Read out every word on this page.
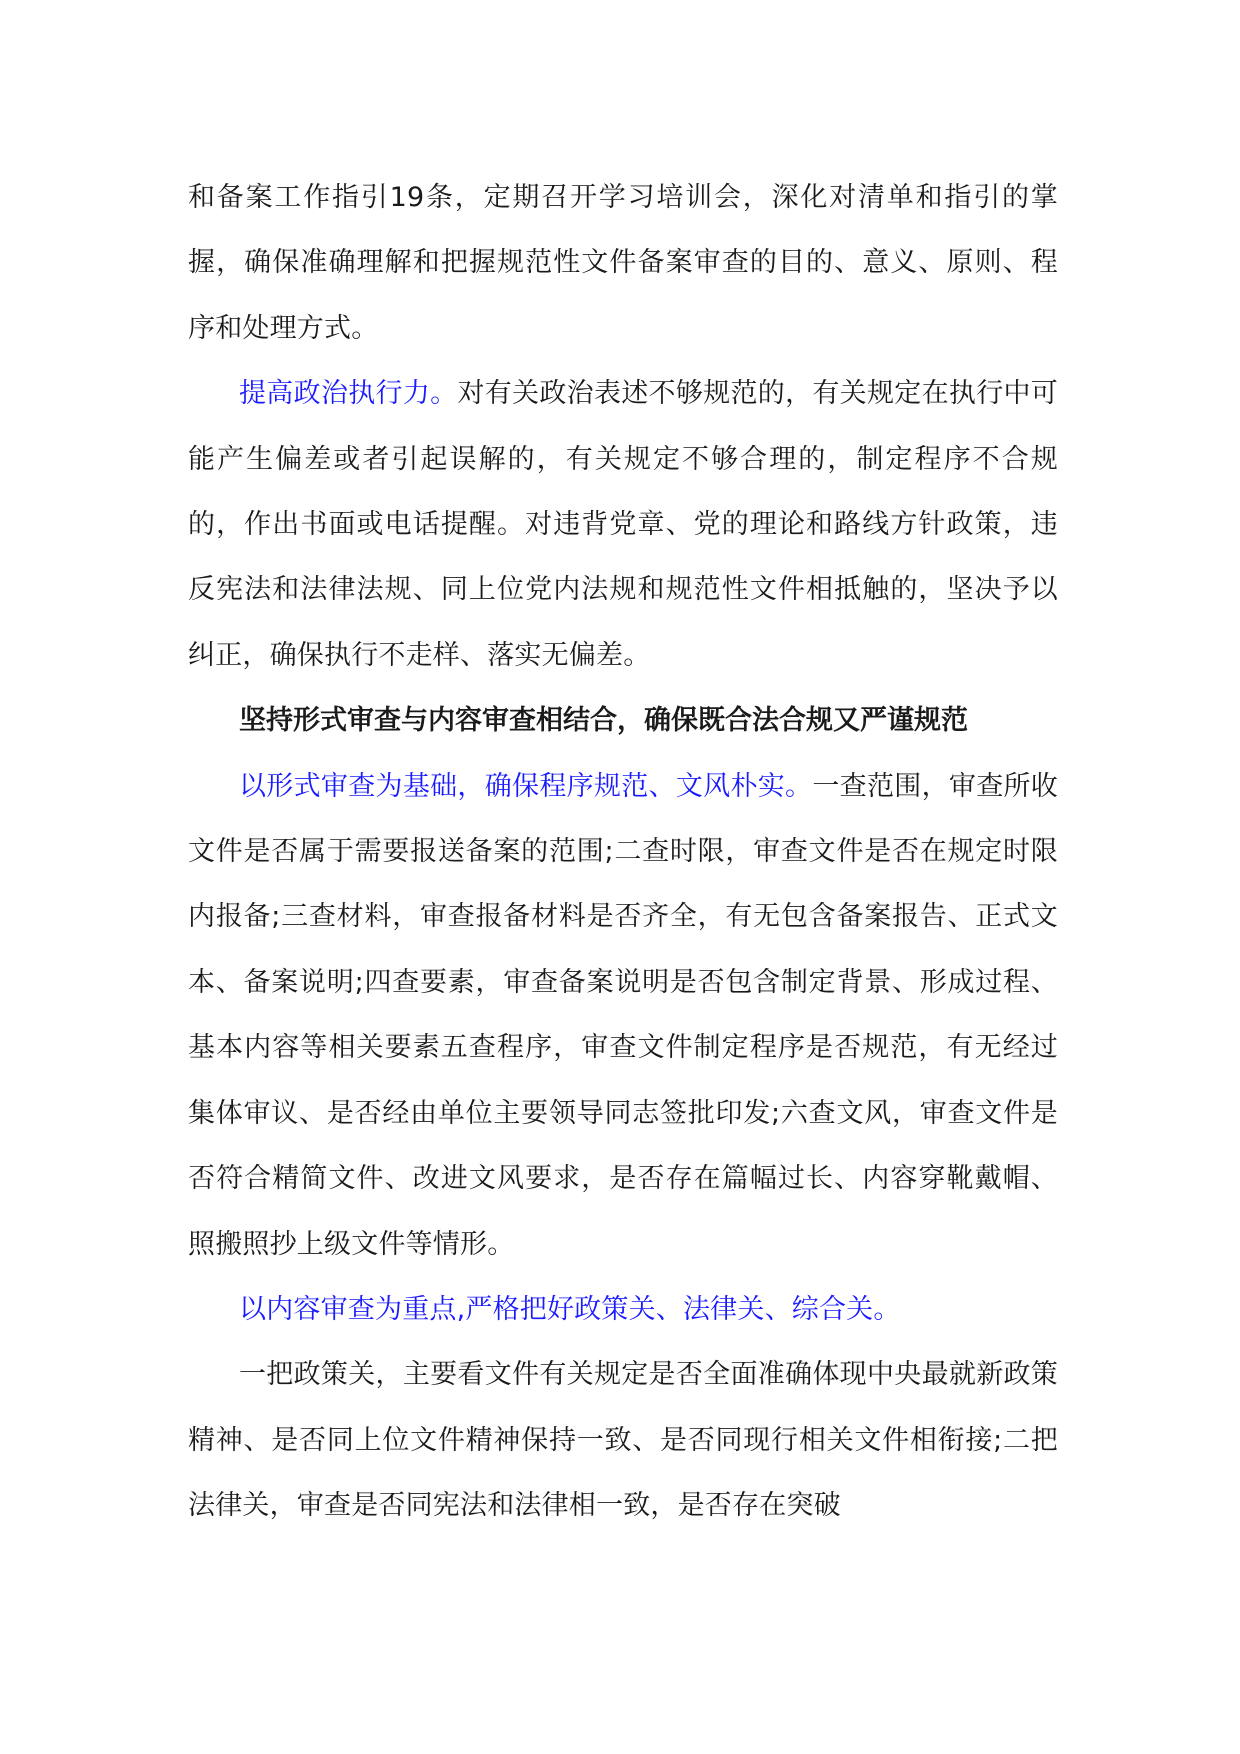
和备案工作指引19条，定期召开学习培训会，深化对清单和指引的掌握，确保准确理解和把握规范性文件备案审查的目的、意义、原则、程序和处理方式。

提高政治执行力。对有关政治表述不够规范的，有关规定在执行中可能产生偏差或者引起误解的，有关规定不够合理的，制定程序不合规的，作出书面或电话提醒。对违背党章、党的理论和路线方针政策，违反宪法和法律法规、同上位党内法规和规范性文件相抵触的，坚决予以纠正，确保执行不走样、落实无偏差。

坚持形式审查与内容审查相结合，确保既合法合规又严谨规范

以形式审查为基础，确保程序规范、文风朴实。一查范围，审查所收文件是否属于需要报送备案的范围;二查时限，审查文件是否在规定时限内报备;三查材料，审查报备材料是否齐全，有无包含备案报告、正式文本、备案说明;四查要素，审查备案说明是否包含制定背景、形成过程、基本内容等相关要素五查程序，审查文件制定程序是否规范，有无经过集体审议、是否经由单位主要领导同志签批印发;六查文风，审查文件是否符合精简文件、改进文风要求，是否存在篇幅过长、内容穿靴戴帽、照搬照抄上级文件等情形。

以内容审查为重点,严格把好政策关、法律关、综合关。

一把政策关，主要看文件有关规定是否全面准确体现中央最就新政策精神、是否同上位文件精神保持一致、是否同现行相关文件相衔接;二把法律关，审查是否同宪法和法律相一致，是否存在突破
